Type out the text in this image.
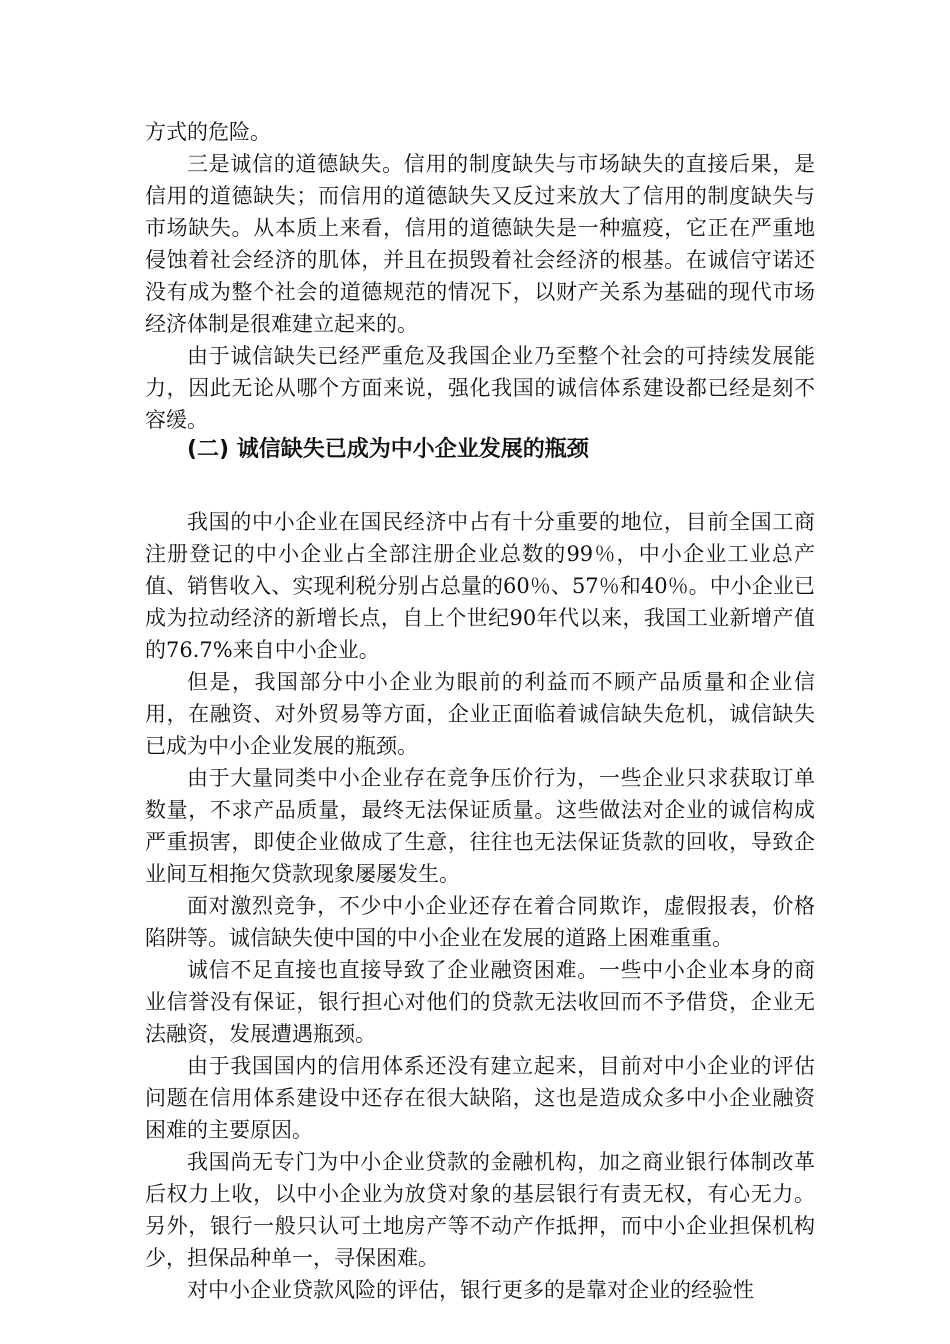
方式的危险。

三是诚信的道德缺失。信用的制度缺失与市场缺失的直接后果，是信用的道德缺失；而信用的道德缺失又反过来放大了信用的制度缺失与市场缺失。从本质上来看，信用的道德缺失是一种瘟疫，它正在严重地侵蚀着社会经济的肌体，并且在损毁着社会经济的根基。在诚信守诺还没有成为整个社会的道德规范的情况下，以财产关系为基础的现代市场经济体制是很难建立起来的。

由于诚信缺失已经严重危及我国企业乃至整个社会的可持续发展能力，因此无论从哪个方面来说，强化我国的诚信体系建设都已经是刻不容缓。

(二) 诚信缺失已成为中小企业发展的瓶颈

我国的中小企业在国民经济中占有十分重要的地位，目前全国工商注册登记的中小企业占全部注册企业总数的99％，中小企业工业总产值、销售收入、实现利税分别占总量的60％、57％和40％。中小企业已成为拉动经济的新增长点，自上个世纪90年代以来，我国工业新增产值的76.7%来自中小企业。

但是，我国部分中小企业为眼前的利益而不顾产品质量和企业信用，在融资、对外贸易等方面，企业正面临着诚信缺失危机，诚信缺失已成为中小企业发展的瓶颈。

由于大量同类中小企业存在竞争压价行为，一些企业只求获取订单数量，不求产品质量，最终无法保证质量。这些做法对企业的诚信构成严重损害，即使企业做成了生意，往往也无法保证货款的回收，导致企业间互相拖欠贷款现象屡屡发生。

面对激烈竞争，不少中小企业还存在着合同欺诈，虚假报表，价格陷阱等。诚信缺失使中国的中小企业在发展的道路上困难重重。

诚信不足直接也直接导致了企业融资困难。一些中小企业本身的商业信誉没有保证，银行担心对他们的贷款无法收回而不予借贷，企业无法融资，发展遭遇瓶颈。

由于我国国内的信用体系还没有建立起来，目前对中小企业的评估问题在信用体系建设中还存在很大缺陷，这也是造成众多中小企业融资困难的主要原因。

我国尚无专门为中小企业贷款的金融机构，加之商业银行体制改革后权力上收，以中小企业为放贷对象的基层银行有责无权，有心无力。另外，银行一般只认可土地房产等不动产作抵押，而中小企业担保机构少，担保品种单一，寻保困难。

对中小企业贷款风险的评估，银行更多的是靠对企业的经验性
